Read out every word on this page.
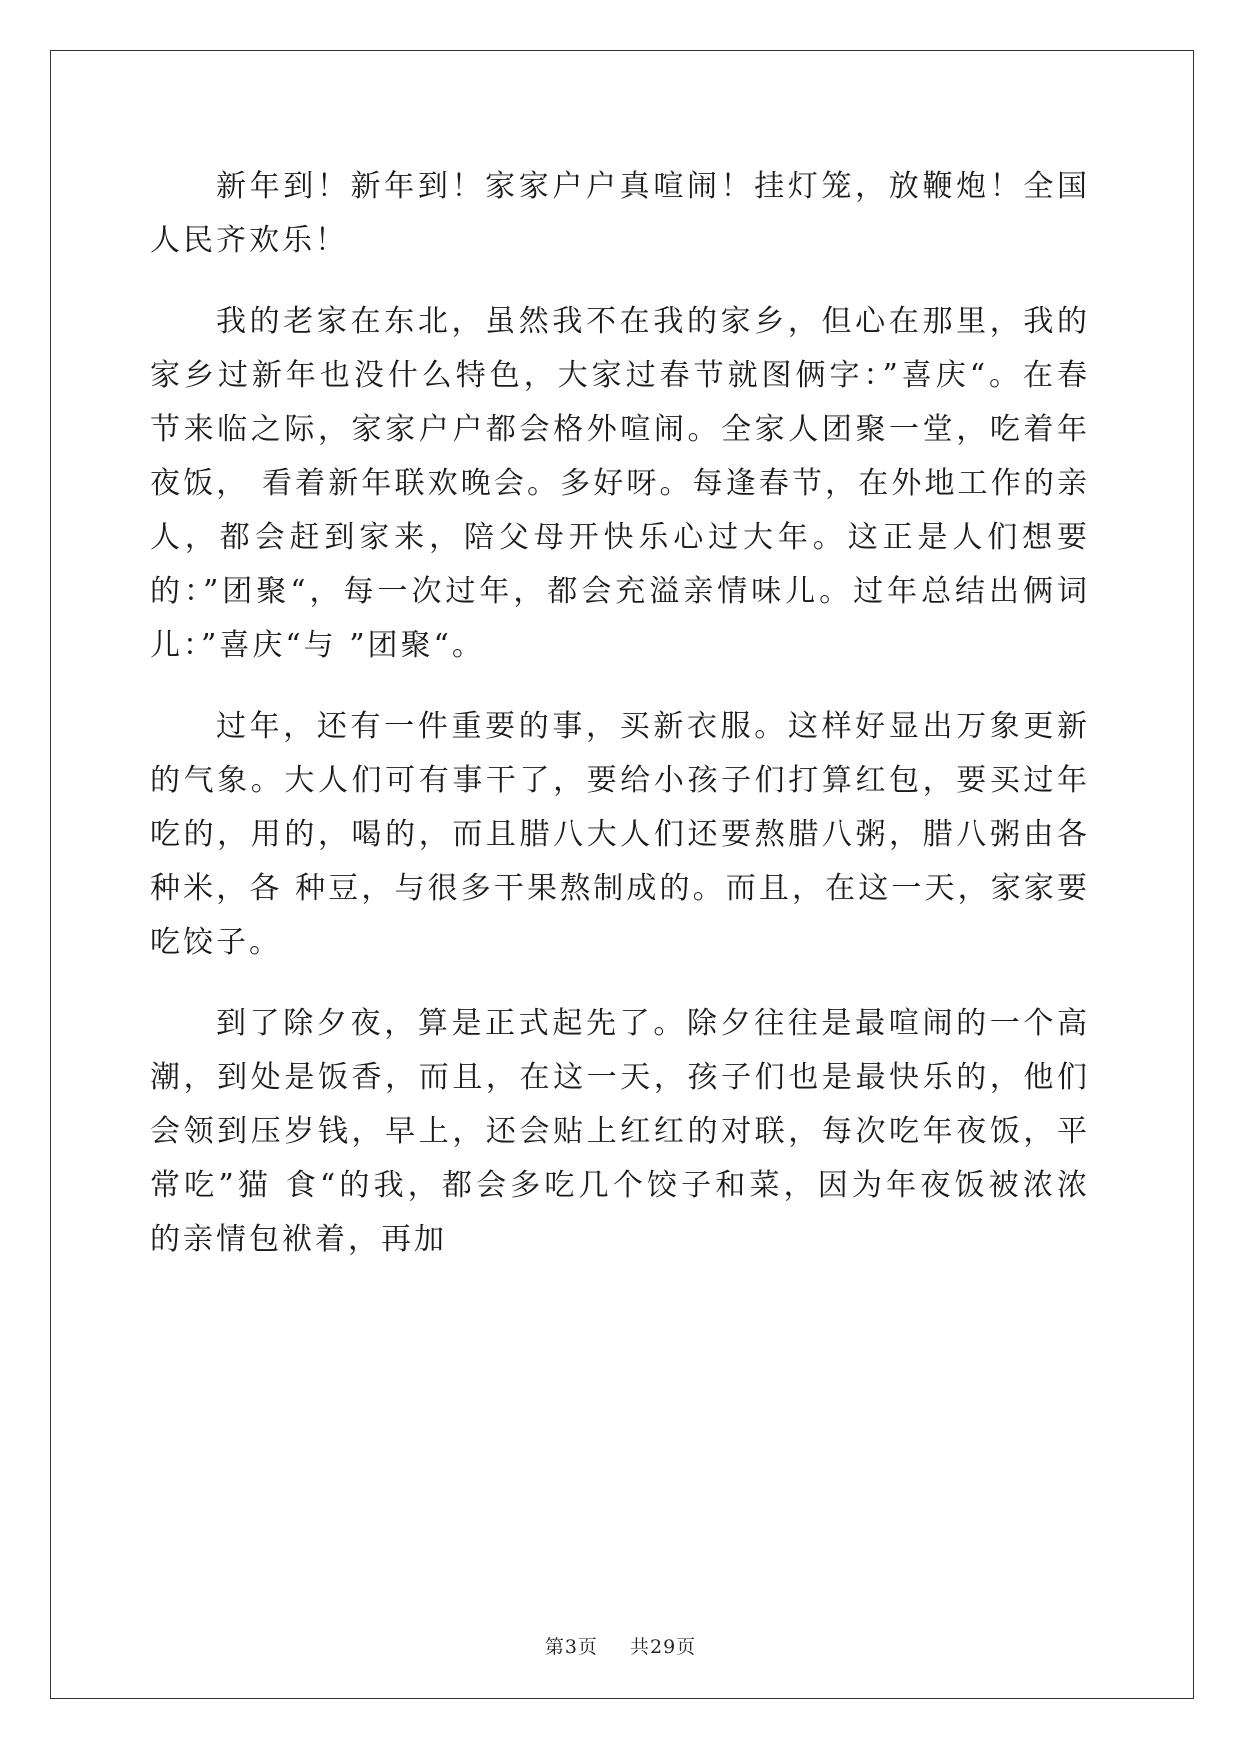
新年到！新年到！家家户户真喧闹！挂灯笼，放鞭炮！全国人民齐欢乐！

我的老家在东北，虽然我不在我的家乡，但心在那里，我的家乡过新年也没什么特色，大家过春节就图俩字：”喜庆“。在春节来临之际，家家户户都会格外喧闹。全家人团聚一堂，吃着年夜饭， 看着新年联欢晚会。多好呀。每逢春节，在外地工作的亲人，都会赶到家来，陪父母开快乐心过大年。这正是人们想要的：”团聚“，每一次过年，都会充溢亲情味儿。过年总结出俩词儿：”喜庆“与 ”团聚“。

过年，还有一件重要的事，买新衣服。这样好显出万象更新的气象。大人们可有事干了，要给小孩子们打算红包，要买过年吃的，用的，喝的，而且腊八大人们还要熬腊八粥，腊八粥由各种米，各 种豆，与很多干果熬制成的。而且，在这一天，家家要吃饺子。

到了除夕夜，算是正式起先了。除夕往往是最喧闹的一个高潮，到处是饭香，而且，在这一天，孩子们也是最快乐的，他们会领到压岁钱，早上，还会贴上红红的对联，每次吃年夜饭，平常吃”猫 食“的我，都会多吃几个饺子和菜，因为年夜饭被浓浓的亲情包袱着，再加

第3页 共29页
